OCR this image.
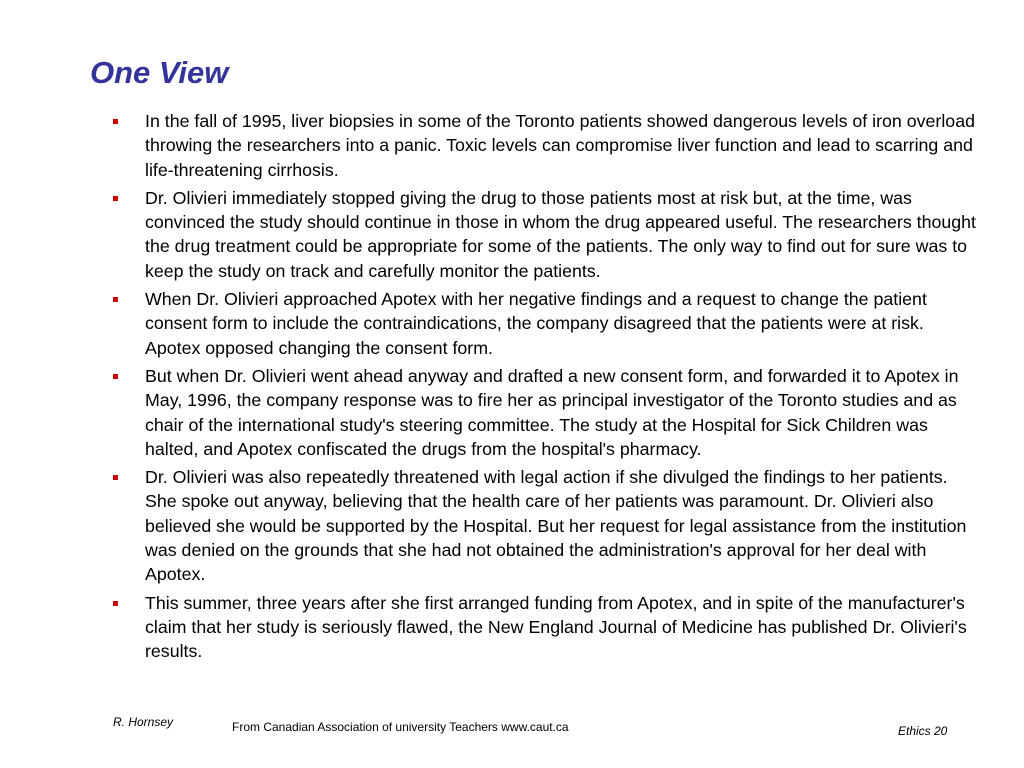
One View
In the fall of 1995, liver biopsies in some of the Toronto patients showed dangerous levels of iron overload throwing the researchers into a panic. Toxic levels can compromise liver function and lead to scarring and life-threatening cirrhosis.
Dr. Olivieri immediately stopped giving the drug to those patients most at risk but, at the time, was convinced the study should continue in those in whom the drug appeared useful. The researchers thought the drug treatment could be appropriate for some of the patients. The only way to find out for sure was to keep the study on track and carefully monitor the patients.
When Dr. Olivieri approached Apotex with her negative findings and a request to change the patient consent form to include the contraindications, the company disagreed that the patients were at risk. Apotex opposed changing the consent form.
But when Dr. Olivieri went ahead anyway and drafted a new consent form, and forwarded it to Apotex in May, 1996, the company response was to fire her as principal investigator of the Toronto studies and as chair of the international study's steering committee. The study at the Hospital for Sick Children was halted, and Apotex confiscated the drugs from the hospital's pharmacy.
Dr. Olivieri was also repeatedly threatened with legal action if she divulged the findings to her patients. She spoke out anyway, believing that the health care of her patients was paramount. Dr. Olivieri also believed she would be supported by the Hospital. But her request for legal assistance from the institution was denied on the grounds that she had not obtained the administration's approval for her deal with Apotex.
This summer, three years after she first arranged funding from Apotex, and in spite of the manufacturer's claim that her study is seriously flawed, the New England Journal of Medicine has published Dr. Olivieri's results.
R. Hornsey	From Canadian Association of university Teachers www.caut.ca	Ethics 20
